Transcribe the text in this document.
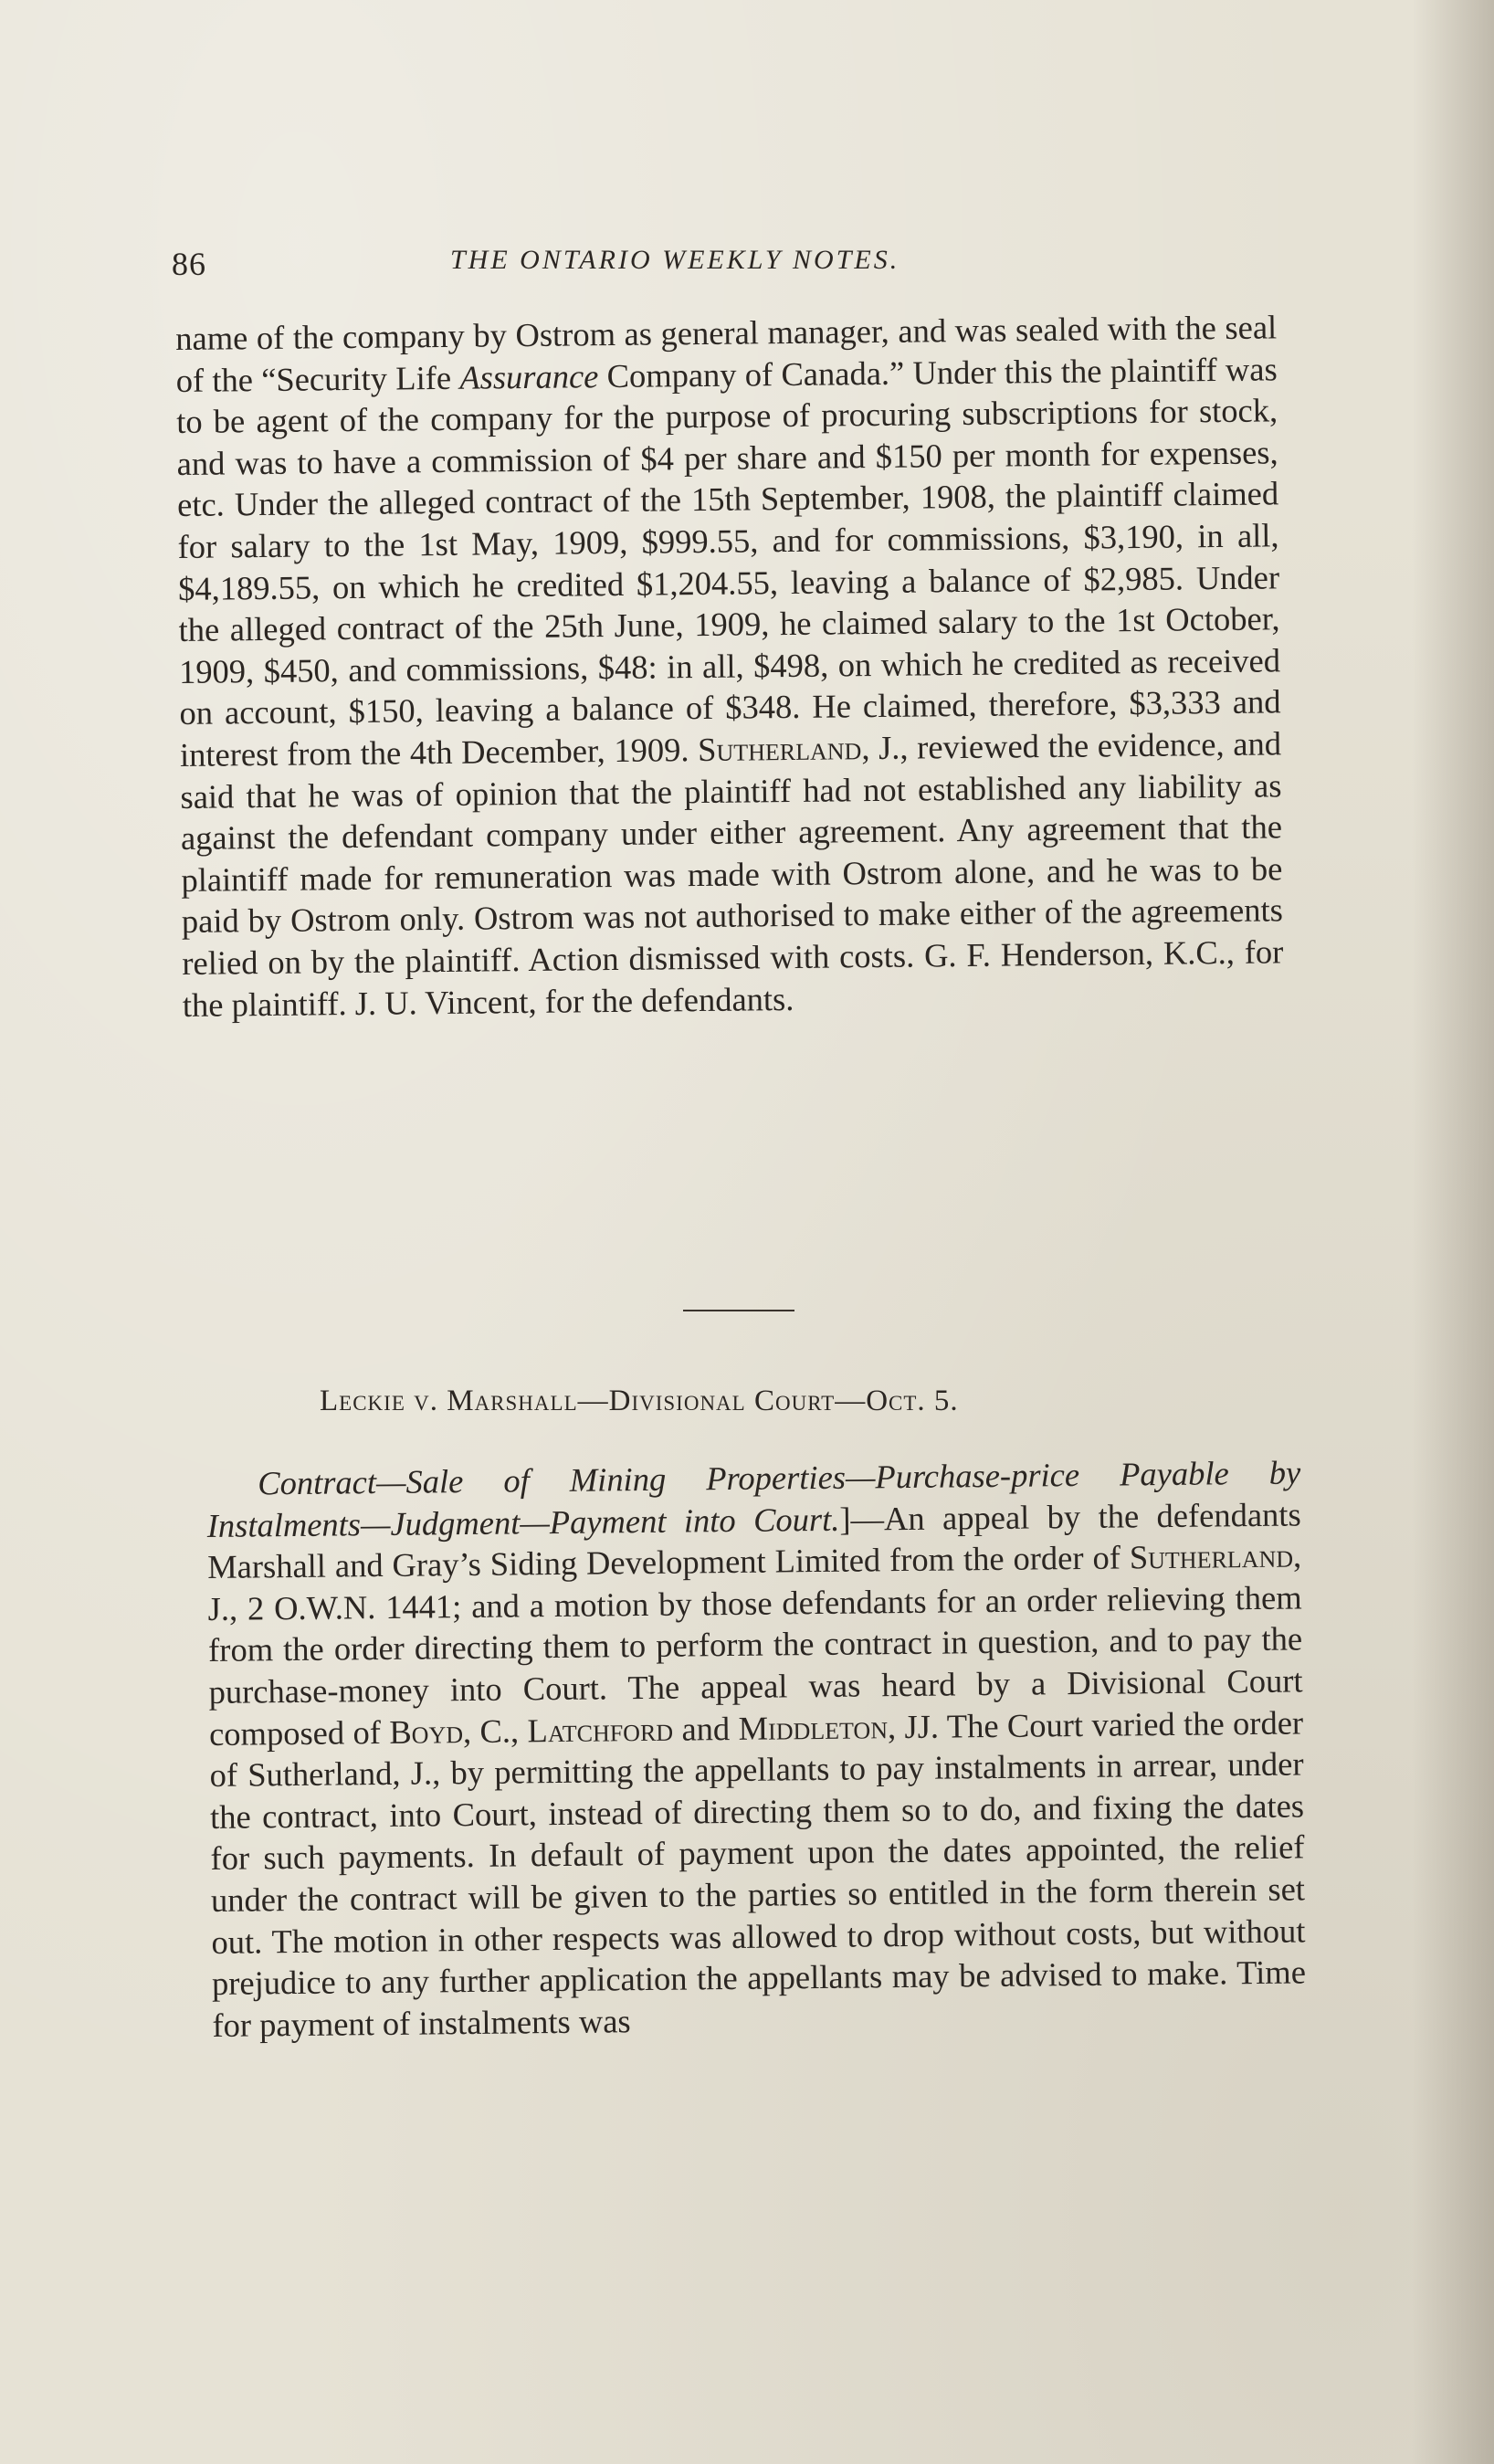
86	THE ONTARIO WEEKLY NOTES.
name of the company by Ostrom as general manager, and was sealed with the seal of the “Security Life Assurance Company of Canada.” Under this the plaintiff was to be agent of the company for the purpose of procuring subscriptions for stock, and was to have a commission of $4 per share and $150 per month for expenses, etc. Under the alleged contract of the 15th September, 1908, the plaintiff claimed for salary to the 1st May, 1909, $999.55, and for commissions, $3,190, in all, $4,189.55, on which he credited $1,204.55, leaving a balance of $2,985. Under the alleged contract of the 25th June, 1909, he claimed salary to the 1st October, 1909, $450, and commissions, $48: in all, $498, on which he credited as received on account, $150, leaving a balance of $348. He claimed, therefore, $3,333 and interest from the 4th December, 1909. Sutherland, J., reviewed the evidence, and said that he was of opinion that the plaintiff had not established any liability as against the defendant company under either agreement. Any agreement that the plaintiff made for remuneration was made with Ostrom alone, and he was to be paid by Ostrom only. Ostrom was not authorised to make either of the agreements relied on by the plaintiff. Action dismissed with costs. G. F. Henderson, K.C., for the plaintiff. J. U. Vincent, for the defendants.
Leckie v. Marshall—Divisional Court—Oct. 5.
Contract—Sale of Mining Properties—Purchase-price Payable by Instalments—Judgment—Payment into Court.]—An appeal by the defendants Marshall and Gray’s Siding Development Limited from the order of Sutherland, J., 2 O.W.N. 1441; and a motion by those defendants for an order relieving them from the order directing them to perform the contract in question, and to pay the purchase-money into Court. The appeal was heard by a Divisional Court composed of Boyd, C., Latchford and Middleton, JJ. The Court varied the order of Sutherland, J., by permitting the appellants to pay instalments in arrear, under the contract, into Court, instead of directing them so to do, and fixing the dates for such payments. In default of payment upon the dates appointed, the relief under the contract will be given to the parties so entitled in the form therein set out. The motion in other respects was allowed to drop without costs, but without prejudice to any further application the appellants may be advised to make. Time for payment of instalments was
